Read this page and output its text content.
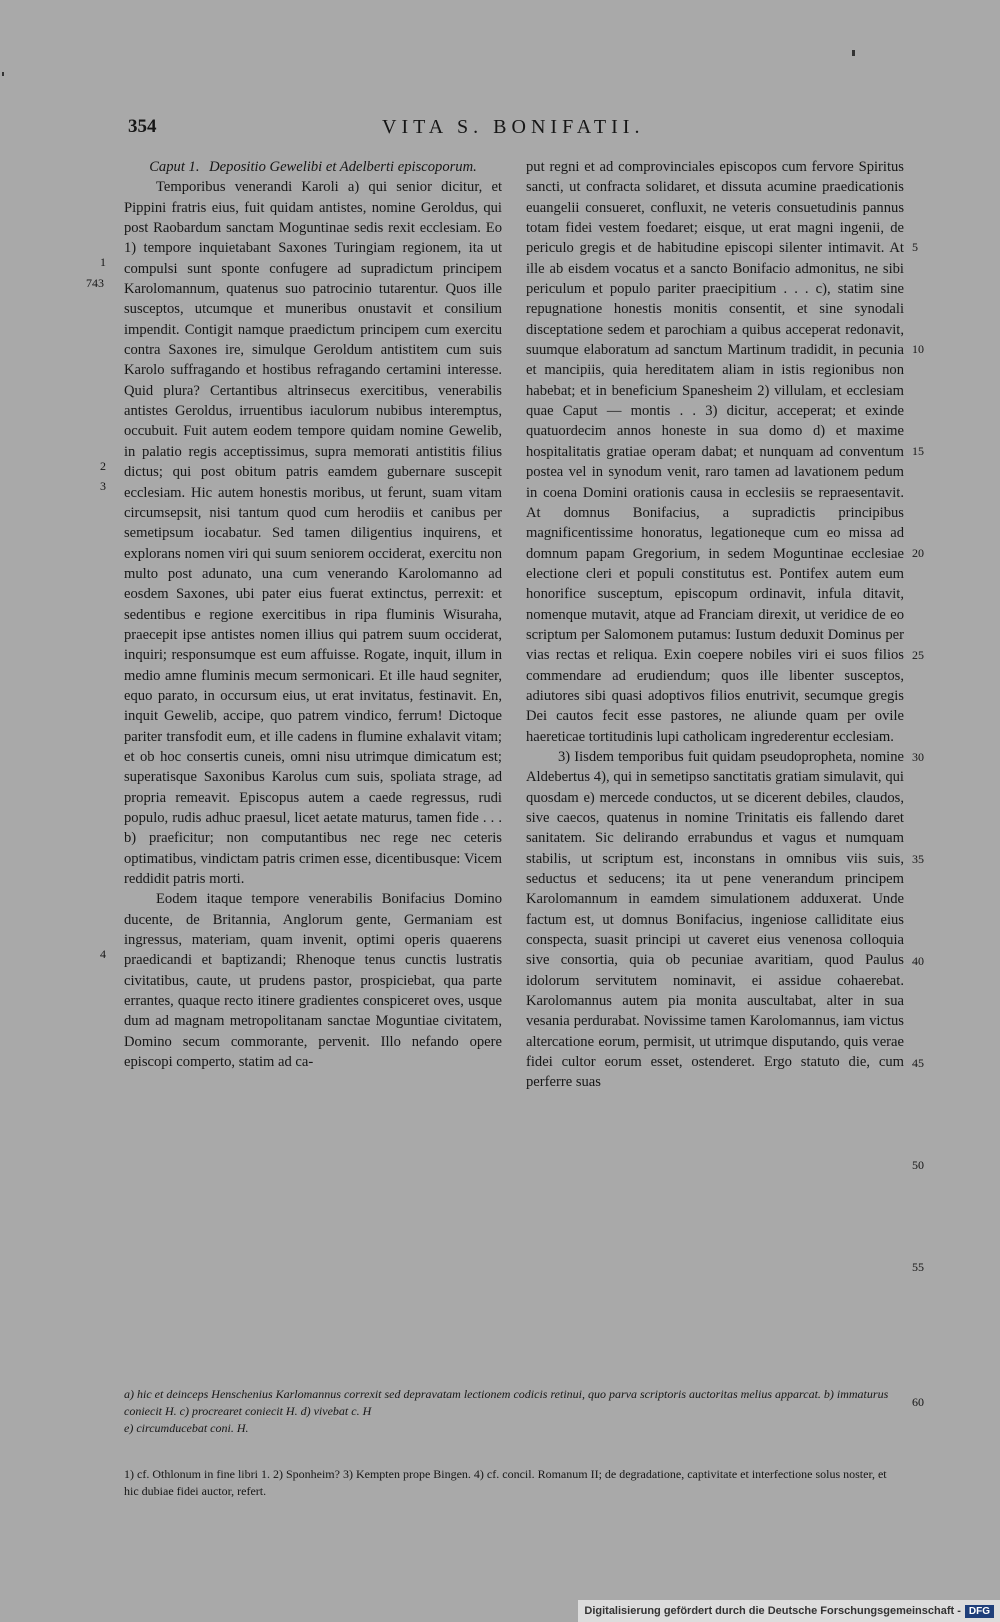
354	VITA S. BONIFATII.

Caput 1. Depositio Gewelibi et Adelberti episcoporum.

Temporibus venerandi Karoli a) qui senior dicitur, et Pippini fratris eius, fuit quidam antistes, nomine Geroldus, qui post Raobardum sanctam Moguntinae sedis rexit ecclesiam. Eo 1) tempore inquietabant Saxones Turingiam regionem, ita ut compulsi sunt sponte confugere ad supradictum principem Karolomannum, quatenus suo patrocinio tutarentur. Quos ille susceptos, utcumque et muneribus onustavit et consilium impendit. Contigit namque praedictum principem cum exercitu contra Saxones ire, simulque Geroldum antistitem cum suis Karolo suffragando et hostibus refragando certamini interesse. Quid plura? Certantibus altrinsecus exercitibus, venerabilis antistes Geroldus, irruentibus iaculorum nubibus interemptus, occubuit. Fuit autem eodem tempore quidam nomine Gewelib, in palatio regis acceptissimus, supra memorati antistitis filius dictus; qui post obitum patris eamdem gubernare suscepit ecclesiam. Hic autem honestis moribus, ut ferunt, suam vitam circumsepsit, nisi tantum quod cum herodiis et canibus per semetipsum iocabatur. Sed tamen diligentius inquirens, et explorans nomen viri qui suum seniorem occiderat, exercitu non multo post adunato, una cum venerando Karolomanno ad eosdem Saxones, ubi pater eius fuerat extinctus, perrexit: et sedentibus e regione exercitibus in ripa fluminis Wisuraha, praecepit ipse antistes nomen illius qui patrem suum occiderat, inquiri; responsumque est eum affuisse. Rogate, inquit, illum in medio amne fluminis mecum sermonicari. Et ille haud segniter, equo parato, in occursum eius, ut erat invitatus, festinavit. En, inquit Gewelib, accipe, quo patrem vindico, ferrum! Dictoque pariter transfodit eum, et ille cadens in flumine exhalavit vitam; et ob hoc consertis cuneis, omni nisu utrimque dimicatum est; superatisque Saxonibus Karolus cum suis, spoliata strage, ad propria remeavit. Episcopus autem a caede regressus, rudi populo, rudis adhuc praesul, licet aetate maturus, tamen fide . . . b) praeficitur; non computantibus nec rege nec ceteris optimatibus, vindictam patris crimen esse, dicentibusque: Vicem reddidit patris morti.

Eodem itaque tempore venerabilis Bonifacius Domino ducente, de Britannia, Anglorum gente, Germaniam est ingressus, materiam, quam invenit, optimi operis quaerens praedicandi et baptizandi; Rhenoque tenus cunctis lustratis civitatibus, caute, ut prudens pastor, prospiciebat, qua parte errantes, quaque recto itinere gradientes conspiceret oves, usque dum ad magnam metropolitanam sanctae Moguntiae civitatem, Domino secum commorante, pervenit. Illo nefando opere episcopi comperto, statim ad ca-

put regni et ad comprovinciales episcopos cum fervore Spiritus sancti, ut confracta solidaret, et dissuta acumine praedicationis euangelii consueret, confluxit, ne veteris consuetudinis pannus totam fidei vestem foedaret; eisque, ut erat magni ingenii, de periculo gregis et de habitudine episcopi silenter intimavit. At ille ab eisdem vocatus et a sancto Bonifacio admonitus, ne sibi periculum et populo pariter praecipitium . . . c), statim sine repugnatione honestis monitis consentit, et sine synodali disceptatione sedem et parochiam a quibus acceperat redonavit, suumque elaboratum ad sanctum Martinum tradidit, in pecunia et mancipiis, quia hereditatem aliam in istis regionibus non habebat; et in beneficium Spanesheim 2) villulam, et ecclesiam quae Caput — montis . . 3) dicitur, acceperat; et exinde quatuordecim annos honeste in sua domo d) et maxime hospitalitatis gratiae operam dabat; et nunquam ad conventum postea vel in synodum venit, raro tamen ad lavationem pedum in coena Domini orationis causa in ecclesiis se repraesentavit. At domnus Bonifacius, a supradictis principibus magnificentissime honoratus, legationeque cum eo missa ad domnum papam Gregorium, in sedem Moguntinae ecclesiae electione cleri et populi constitutus est. Pontifex autem eum honorifice susceptum, episcopum ordinavit, infula ditavit, nomenque mutavit, atque ad Franciam direxit, ut veridice de eo scriptum per Salomonem putamus: Iustum deduxit Dominus per vias rectas et reliqua. Exin coepere nobiles viri ei suos filios commendare ad erudiendum; quos ille libenter susceptos, adiutores sibi quasi adoptivos filios enutrivit, secumque gregis Dei cautos fecit esse pastores, ne aliunde quam per ovile haereticae tortitudinis lupi catholicam ingrederentur ecclesiam.

3) Iisdem temporibus fuit quidam pseudopropheta, nomine Aldebertus 4), qui in semetipso sanctitatis gratiam simulavit, qui quosdam e) mercede conductos, ut se dicerent debiles, claudos, sive caecos, quatenus in nomine Trinitatis eis fallendo daret sanitatem. Sic delirando errabundus et vagus et numquam stabilis, ut scriptum est, inconstans in omnibus viis suis, seductus et seducens; ita ut pene venerandum principem Karolomannum in eamdem simulationem adduxerat. Unde factum est, ut domnus Bonifacius, ingeniose calliditate eius conspecta, suasit principi ut caveret eius venenosa colloquia sive consortia, quia ob pecuniae avaritiam, quod Paulus idolorum servitutem nominavit, ei assidue cohaerebat. Karolomannus autem pia monita auscultabat, alter in sua vesania perdurabat. Novissime tamen Karolomannus, iam victus altercatione eorum, permisit, ut utrimque disputando, quis verae fidei cultor eorum esset, ostenderet. Ergo statuto die, cum perferre suas

1
743
2
3
4
5
10
15
20
25
30
35
40
45
50
55
60

a) hic et deinceps Henschenius Karlomannus correxit sed depravatam lectionem codicis retinui, quo parva scriptoris auctoritas melius apparcat. b) immaturus coniecit H. c) procrearet coniecit H. d) vivebat c. H

e) circumducebat coni. H.

1) cf. Othlonum in fine libri 1. 2) Sponheim? 3) Kempten prope Bingen. 4) cf. concil. Romanum II; de degradatione, captivitate et interfectione solus noster, et hic dubiae fidei auctor, refert.

Digitalisierung gefördert durch die Deutsche Forschungsgemeinschaft - DFG
